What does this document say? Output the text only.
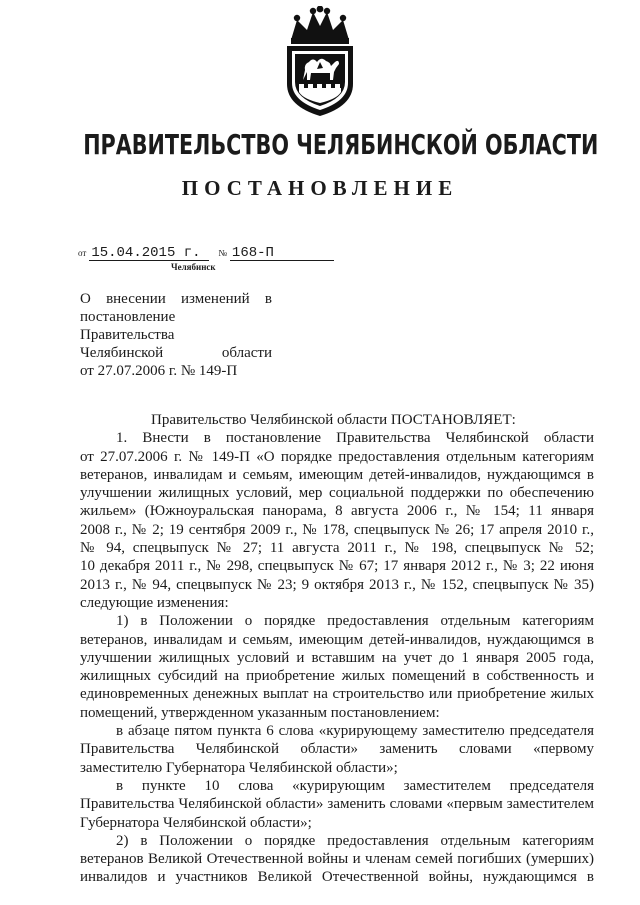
ПРАВИТЕЛЬСТВО ЧЕЛЯБИНСКОЙ ОБЛАСТИ
ПОСТАНОВЛЕНИЕ
от 15.04.2015 г. № 168-П
Челябинск
О внесении изменений в
постановление Правительства
Челябинской области
от 27.07.2006 г. № 149-П
Правительство Челябинской области ПОСТАНОВЛЯЕТ:
1. Внести в постановление Правительства Челябинской области
от 27.07.2006 г. № 149-П «О порядке предоставления отдельным категориям
ветеранов, инвалидам и семьям, имеющим детей-инвалидов, нуждающимся в
улучшении жилищных условий, мер социальной поддержки по обеспечению
жильем» (Южноуральская панорама, 8 августа 2006 г., № 154; 11 января
2008 г., № 2; 19 сентября 2009 г., № 178, спецвыпуск № 26; 17 апреля 2010 г.,
№ 94, спецвыпуск № 27; 11 августа 2011 г., № 198, спецвыпуск № 52;
10 декабря 2011 г., № 298, спецвыпуск № 67; 17 января 2012 г., № 3; 22 июня
2013 г., № 94, спецвыпуск № 23; 9 октября 2013 г., № 152, спецвыпуск № 35)
следующие изменения:
1) в Положении о порядке предоставления отдельным категориям
ветеранов, инвалидам и семьям, имеющим детей-инвалидов, нуждающимся в
улучшении жилищных условий и вставшим на учет до 1 января 2005 года,
жилищных субсидий на приобретение жилых помещений в собственность и
единовременных денежных выплат на строительство или приобретение жилых
помещений, утвержденном указанным постановлением:
в абзаце пятом пункта 6 слова «курирующему заместителю председателя
Правительства Челябинской области» заменить словами «первому
заместителю Губернатора Челябинской области»;
в пункте 10 слова «курирующим заместителем председателя
Правительства Челябинской области» заменить словами «первым заместителем
Губернатора Челябинской области»;
2) в Положении о порядке предоставления отдельным категориям
ветеранов Великой Отечественной войны и членам семей погибших (умерших)
инвалидов и участников Великой Отечественной войны, нуждающимся в
